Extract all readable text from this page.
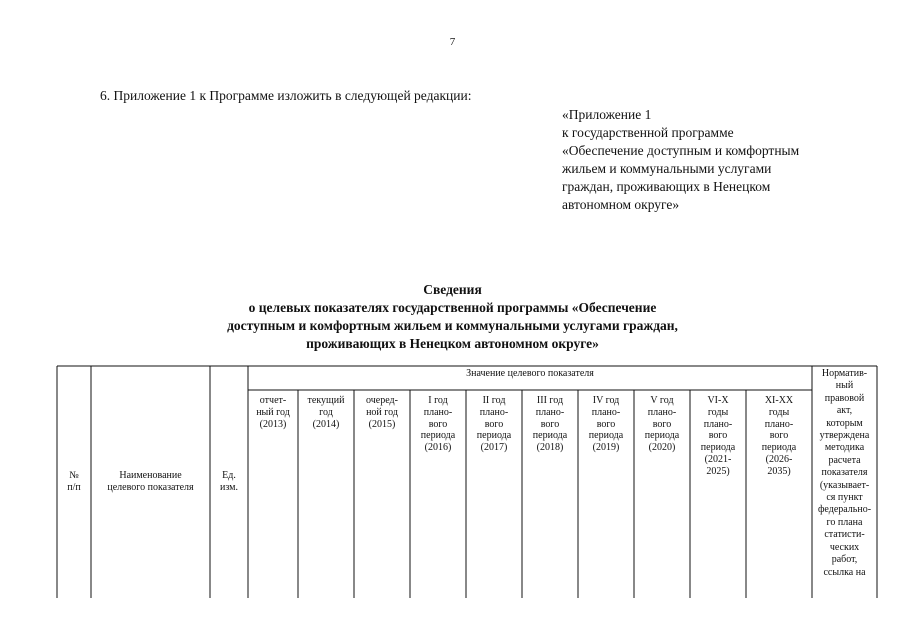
7
6. Приложение 1 к Программе изложить в следующей редакции:
«Приложение 1
к государственной программе
«Обеспечение доступным и комфортным
жильем и коммунальными услугами
граждан, проживающих в Ненецком
автономном округе»
Сведения
о целевых показателях государственной программы «Обеспечение
доступным и комфортным жильем и коммунальными услугами граждан,
проживающих в Ненецком автономном округе»
№
п/п
Наименование
целевого показателя
Ед.
изм.
Значение целевого показателя
отчет-
ный год
(2013)
текущий
год
(2014)
очеред-
ной год
(2015)
I год
плано-
вого
периода
(2016)
II год
плано-
вого
периода
(2017)
III год
плано-
вого
периода
(2018)
IV год
плано-
вого
периода
(2019)
V год
плано-
вого
периода
(2020)
VI-X
годы
плано-
вого
периода
(2021-
2025)
XI-XX
годы
плано-
вого
периода
(2026-
2035)
Норматив-
ный
правовой
акт,
которым
утверждена
методика
расчета
показателя
(указывает-
ся пункт
федерально-
го плана
статисти-
ческих
работ,
ссылка на
